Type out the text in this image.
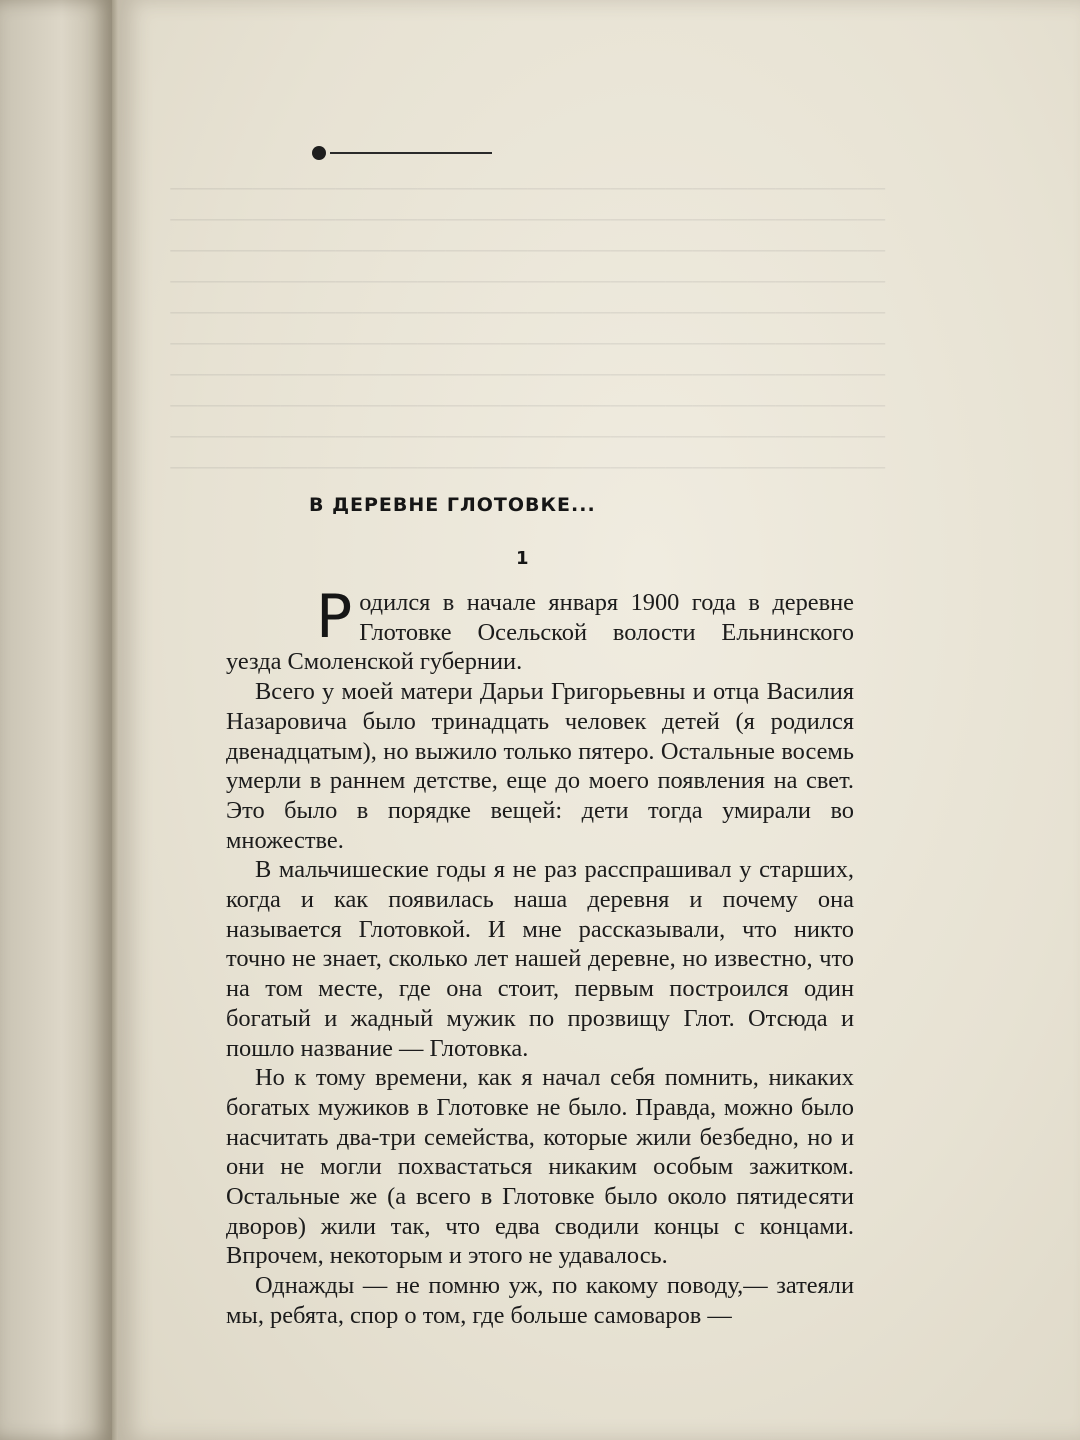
——————————————————————————
——————————————————————————
——————————————————————————
——————————————————————————
——————————————————————————
——————————————————————————
——————————————————————————
——————————————————————————
——————————————————————————
——————————————————————————

В ДЕРЕВНЕ ГЛОТОВКЕ...
1

Родился в начале января 1900 года в деревне Глотовке Осельской волости Ельнинского уезда Смоленской губернии.

Всего у моей матери Дарьи Григорьевны и отца Василия Назаровича было тринадцать человек детей (я родился двенадцатым), но выжило только пятеро. Остальные восемь умерли в раннем детстве, еще до моего появления на свет. Это было в порядке вещей: дети тогда умирали во множестве.

В мальчишеские годы я не раз расспрашивал у старших, когда и как появилась наша деревня и почему она называется Глотовкой. И мне рассказывали, что никто точно не знает, сколько лет нашей деревне, но известно, что на том месте, где она стоит, первым построился один богатый и жадный мужик по прозвищу Глот. Отсюда и пошло название — Глотовка.

Но к тому времени, как я начал себя помнить, никаких богатых мужиков в Глотовке не было. Правда, можно было насчитать два-три семейства, которые жили безбедно, но и они не могли похвастаться никаким особым зажитком. Остальные же (а всего в Глотовке было около пятидесяти дворов) жили так, что едва сводили концы с концами. Впрочем, некоторым и этого не удавалось.

Однажды — не помню уж, по какому поводу,— затеяли мы, ребята, спор о том, где больше самоваров —
